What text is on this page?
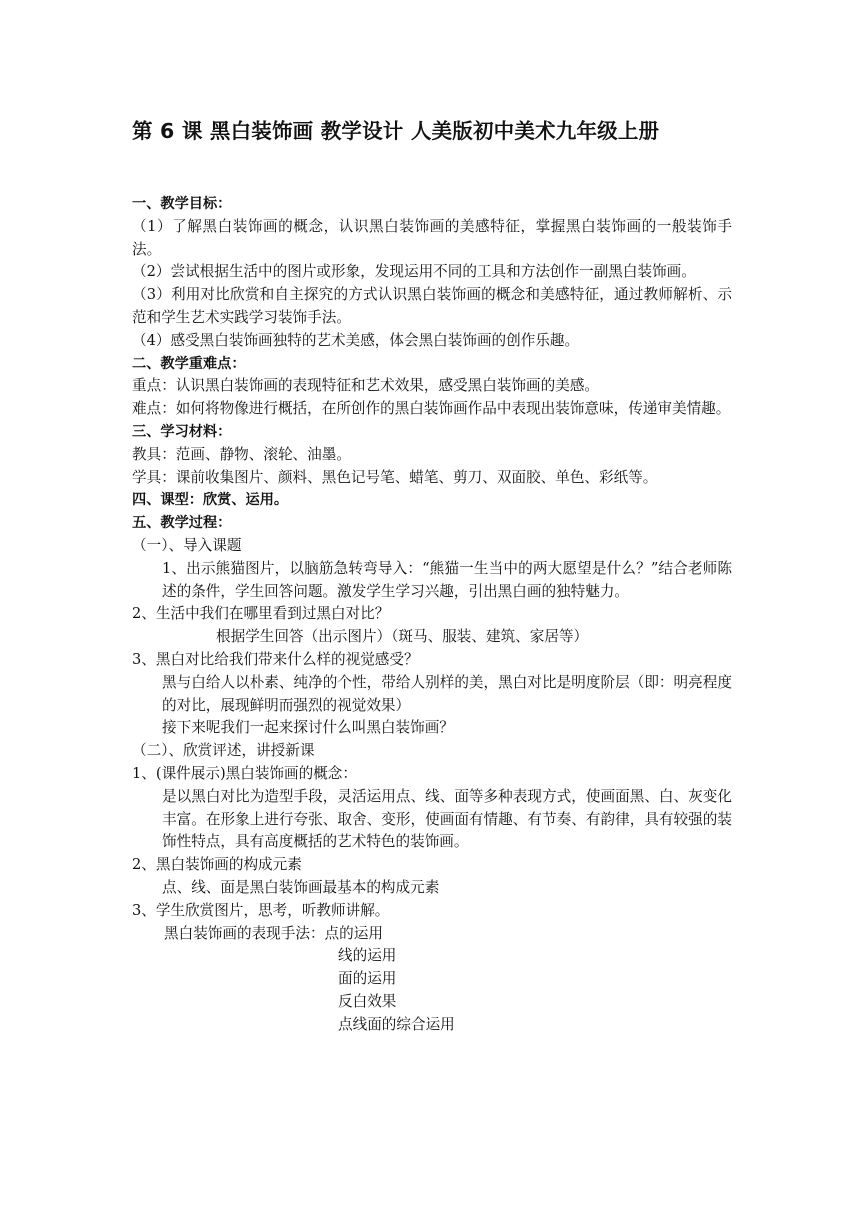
第 6 课 黑白装饰画 教学设计 人美版初中美术九年级上册

一、教学目标：

（1）了解黑白装饰画的概念，认识黑白装饰画的美感特征，掌握黑白装饰画的一般装饰手法。

（2）尝试根据生活中的图片或形象，发现运用不同的工具和方法创作一副黑白装饰画。

（3）利用对比欣赏和自主探究的方式认识黑白装饰画的概念和美感特征，通过教师解析、示范和学生艺术实践学习装饰手法。

（4）感受黑白装饰画独特的艺术美感，体会黑白装饰画的创作乐趣。

二、教学重难点：

重点：认识黑白装饰画的表现特征和艺术效果，感受黑白装饰画的美感。

难点：如何将物像进行概括，在所创作的黑白装饰画作品中表现出装饰意味，传递审美情趣。

三、学习材料：

教具：范画、静物、滚轮、油墨。

学具：课前收集图片、颜料、黑色记号笔、蜡笔、剪刀、双面胶、单色、彩纸等。

四、课型：欣赏、运用。

五、教学过程：

（一）、导入课题

1、出示熊猫图片，以脑筋急转弯导入：“熊猫一生当中的两大愿望是什么？”结合老师陈述的条件，学生回答问题。激发学生学习兴趣，引出黑白画的独特魅力。

2、生活中我们在哪里看到过黑白对比？

根据学生回答（出示图片）（斑马、服装、建筑、家居等）

3、黑白对比给我们带来什么样的视觉感受？

黑与白给人以朴素、纯净的个性，带给人别样的美，黑白对比是明度阶层（即：明亮程度的对比，展现鲜明而强烈的视觉效果）

接下来呢我们一起来探讨什么叫黑白装饰画？

（二）、欣赏评述，讲授新课

1、(课件展示)黑白装饰画的概念：

是以黑白对比为造型手段，灵活运用点、线、面等多种表现方式，使画面黑、白、灰变化丰富。在形象上进行夸张、取舍、变形，使画面有情趣、有节奏、有韵律，具有较强的装饰性特点，具有高度概括的艺术特色的装饰画。

2、黑白装饰画的构成元素

点、线、面是黑白装饰画最基本的构成元素

3、学生欣赏图片，思考，听教师讲解。

黑白装饰画的表现手法：点的运用

线的运用

面的运用

反白效果

点线面的综合运用
